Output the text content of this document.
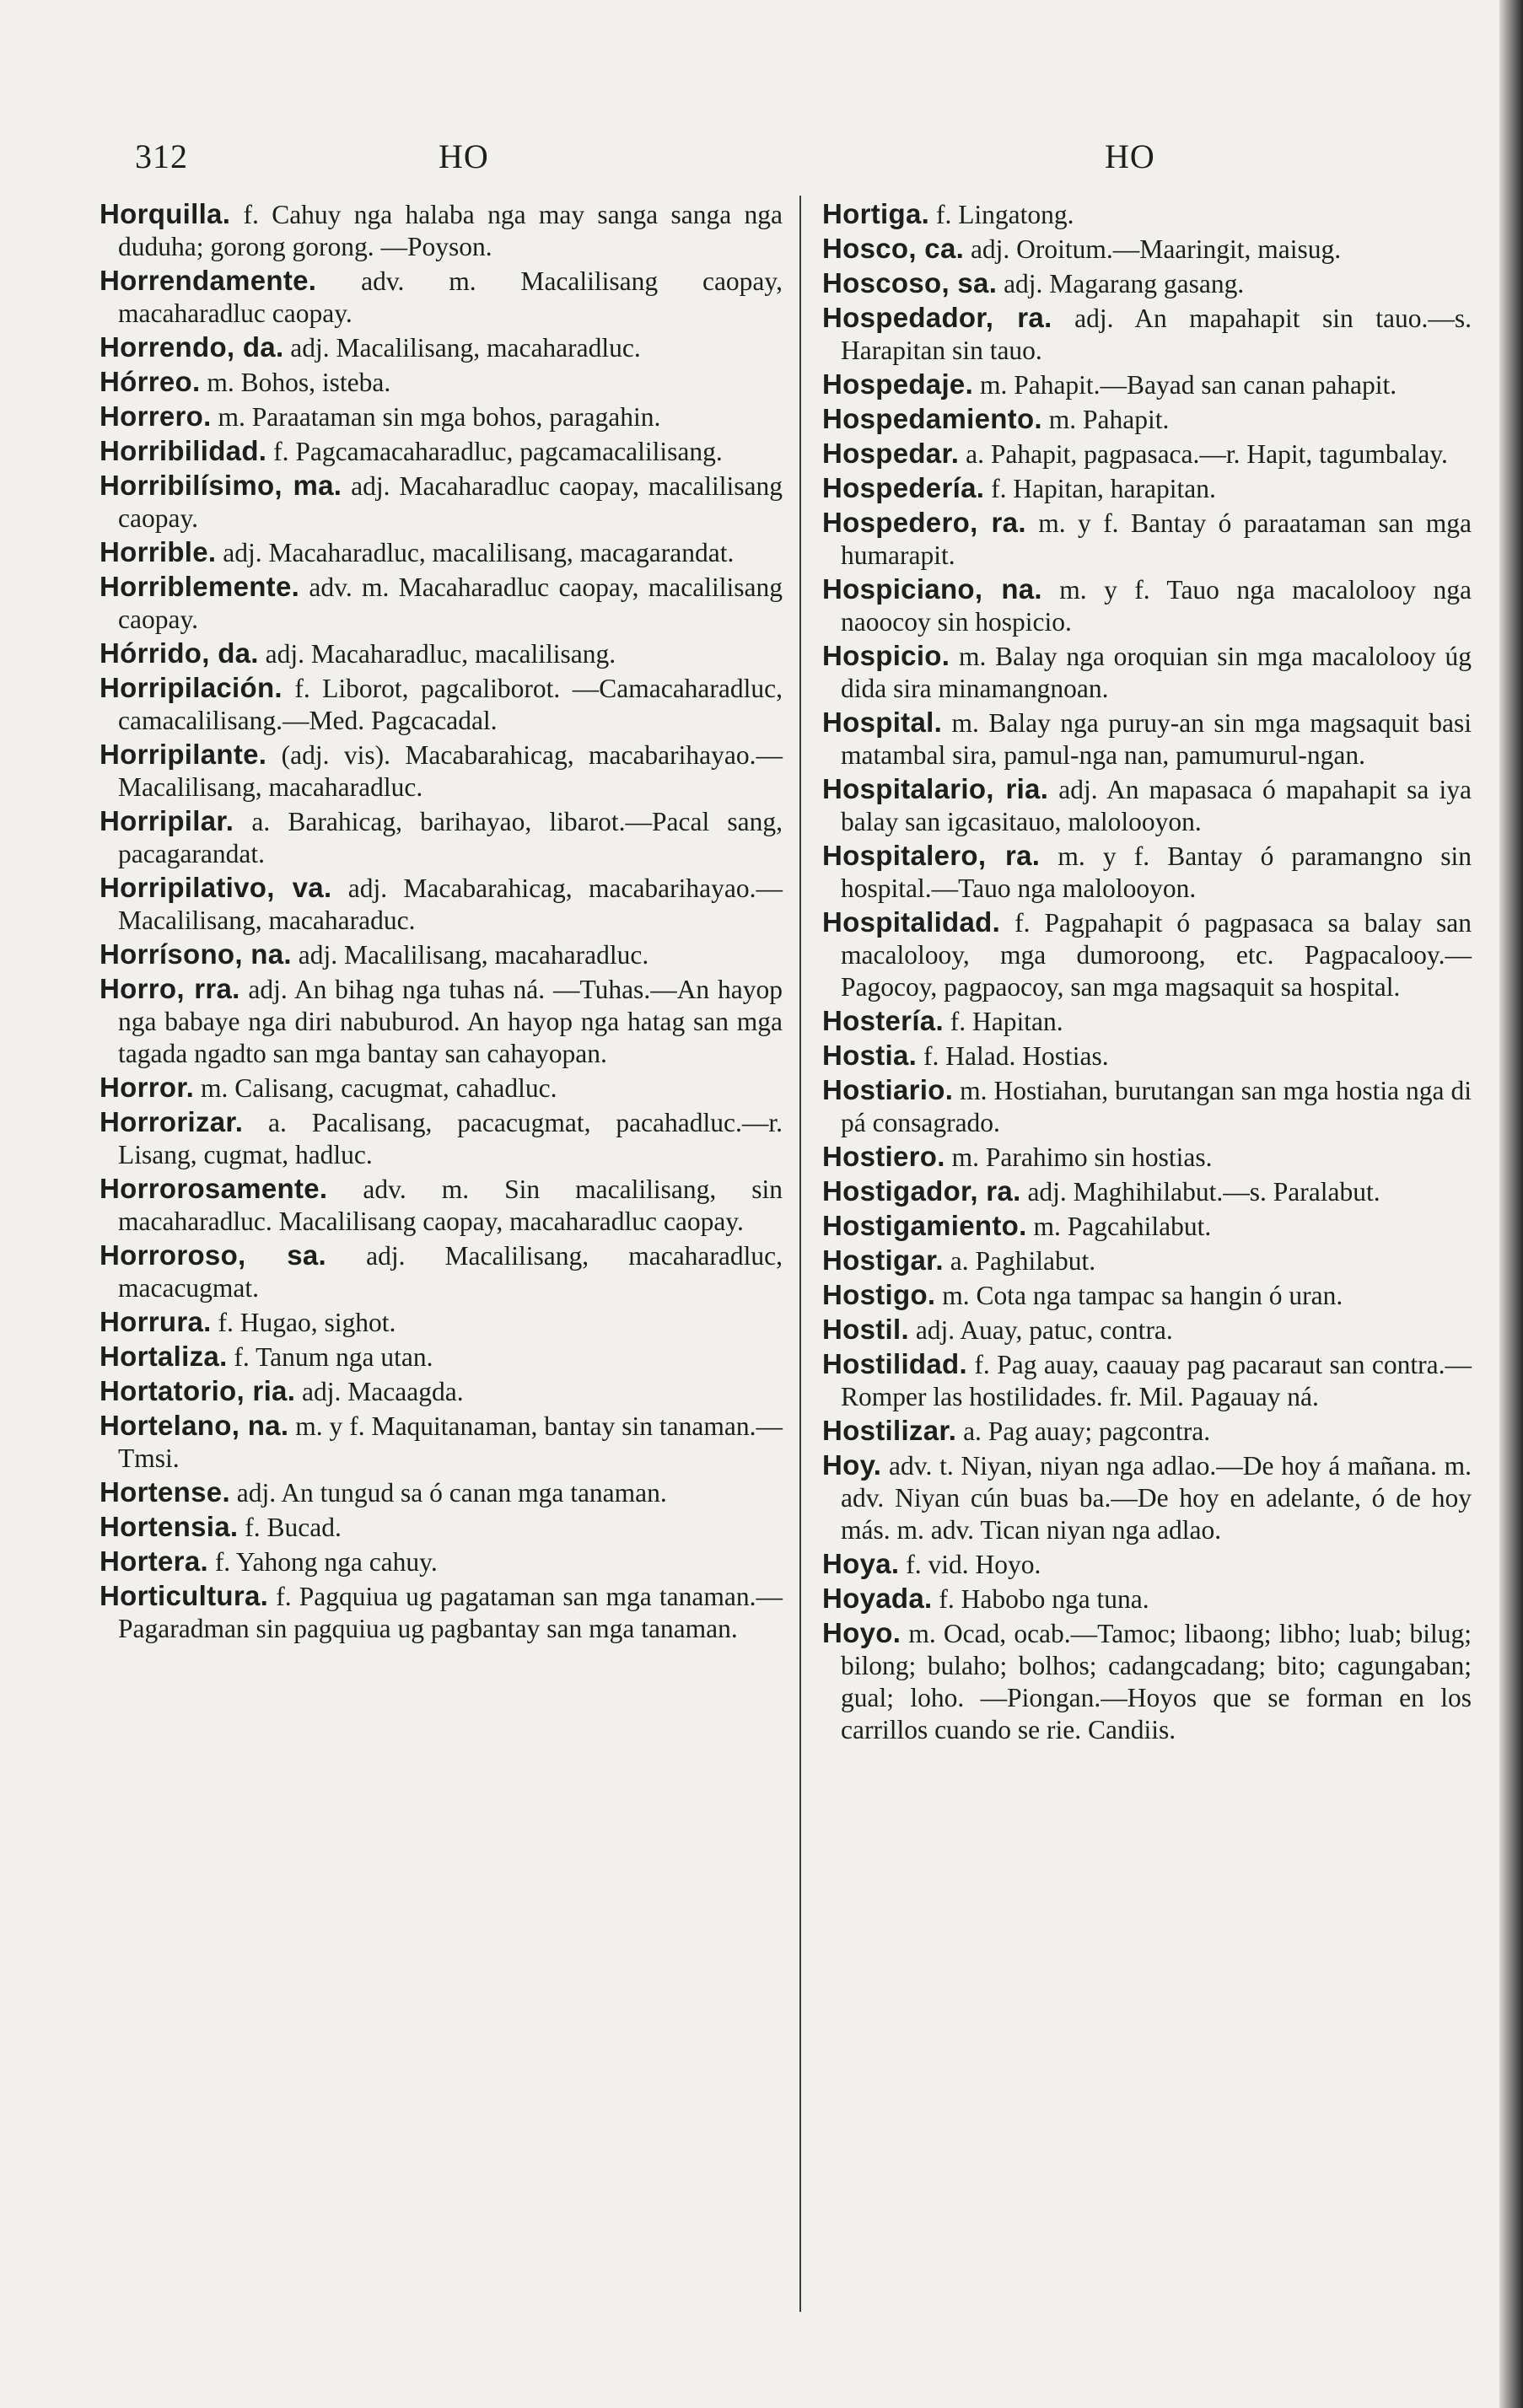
312	HO	HO

Horquilla. f. Cahuy nga halaba nga may sanga sanga nga duduha; gorong gorong. —Poyson.

Horrendamente. adv. m. Macalilisang caopay, macaharadluc caopay.

Horrendo, da. adj. Macalilisang, macaharadluc.

Hórreo. m. Bohos, isteba.

Horrero. m. Paraataman sin mga bohos, paragahin.

Horribilidad. f. Pagcamacaharadluc, pagcamacalilisang.

Horribilísimo, ma. adj. Macaharadluc caopay, macalilisang caopay.

Horrible. adj. Macaharadluc, macalilisang, macagarandat.

Horriblemente. adv. m. Macaharadluc caopay, macalilisang caopay.

Hórrido, da. adj. Macaharadluc, macalilisang.

Horripilación. f. Liborot, pagcaliborot. —Camacaharadluc, camacalilisang.—Med. Pagcacadal.

Horripilante. (adj. vis). Macabarahicag, macabarihayao.—Macalilisang, macaharadluc.

Horripilar. a. Barahicag, barihayao, libarot.—Pacal sang, pacagarandat.

Horripilativo, va. adj. Macabarahicag, macabarihayao.—Macalilisang, macaharaduc.

Horrísono, na. adj. Macalilisang, macaharadluc.

Horro, rra. adj. An bihag nga tuhas ná. —Tuhas.—An hayop nga babaye nga diri nabuburod. An hayop nga hatag san mga tagada ngadto san mga bantay san cahayopan.

Horror. m. Calisang, cacugmat, cahadluc.

Horrorizar. a. Pacalisang, pacacugmat, pacahadluc.—r. Lisang, cugmat, hadluc.

Horrorosamente. adv. m. Sin macalilisang, sin macaharadluc. Macalilisang caopay, macaharadluc caopay.

Horroroso, sa. adj. Macalilisang, macaharadluc, macacugmat.

Horrura. f. Hugao, sighot.

Hortaliza. f. Tanum nga utan.

Hortatorio, ria. adj. Macaagda.

Hortelano, na. m. y f. Maquitanaman, bantay sin tanaman.—Tmsi.

Hortense. adj. An tungud sa ó canan mga tanaman.

Hortensia. f. Bucad.

Hortera. f. Yahong nga cahuy.

Horticultura. f. Pagquiua ug pagataman san mga tanaman.—Pagaradman sin pagquiua ug pagbantay san mga tanaman.

Hortiga. f. Lingatong.

Hosco, ca. adj. Oroitum.—Maaringit, maisug.

Hoscoso, sa. adj. Magarang gasang.

Hospedador, ra. adj. An mapahapit sin tauo.—s. Harapitan sin tauo.

Hospedaje. m. Pahapit.—Bayad san canan pahapit.

Hospedamiento. m. Pahapit.

Hospedar. a. Pahapit, pagpasaca.—r. Hapit, tagumbalay.

Hospedería. f. Hapitan, harapitan.

Hospedero, ra. m. y f. Bantay ó paraataman san mga humarapit.

Hospiciano, na. m. y f. Tauo nga macalolooy nga naoocoy sin hospicio.

Hospicio. m. Balay nga oroquian sin mga macalolooy úg dida sira minamangnoan.

Hospital. m. Balay nga puruy-an sin mga magsaquit basi matambal sira, pamul-nga nan, pamumurul-ngan.

Hospitalario, ria. adj. An mapasaca ó mapahapit sa iya balay san igcasitauo, malolooyon.

Hospitalero, ra. m. y f. Bantay ó paramangno sin hospital.—Tauo nga malolooyon.

Hospitalidad. f. Pagpahapit ó pagpasaca sa balay san macalolooy, mga dumoroong, etc. Pagpacalooy.—Pagocoy, pagpaocoy, san mga magsaquit sa hospital.

Hostería. f. Hapitan.

Hostia. f. Halad. Hostias.

Hostiario. m. Hostiahan, burutangan san mga hostia nga di pá consagrado.

Hostiero. m. Parahimo sin hostias.

Hostigador, ra. adj. Maghihilabut.—s. Paralabut.

Hostigamiento. m. Pagcahilabut.

Hostigar. a. Paghilabut.

Hostigo. m. Cota nga tampac sa hangin ó uran.

Hostil. adj. Auay, patuc, contra.

Hostilidad. f. Pag auay, caauay pag pacaraut san contra.—Romper las hostilidades. fr. Mil. Pagauay ná.

Hostilizar. a. Pag auay; pagcontra.

Hoy. adv. t. Niyan, niyan nga adlao.—De hoy á mañana. m. adv. Niyan cún buas ba.—De hoy en adelante, ó de hoy más. m. adv. Tican niyan nga adlao.

Hoya. f. vid. Hoyo.

Hoyada. f. Habobo nga tuna.

Hoyo. m. Ocad, ocab.—Tamoc; libaong; libho; luab; bilug; bilong; bulaho; bolhos; cadangcadang; bito; cagungaban; gual; loho. —Piongan.—Hoyos que se forman en los carrillos cuando se rie. Candiis.
